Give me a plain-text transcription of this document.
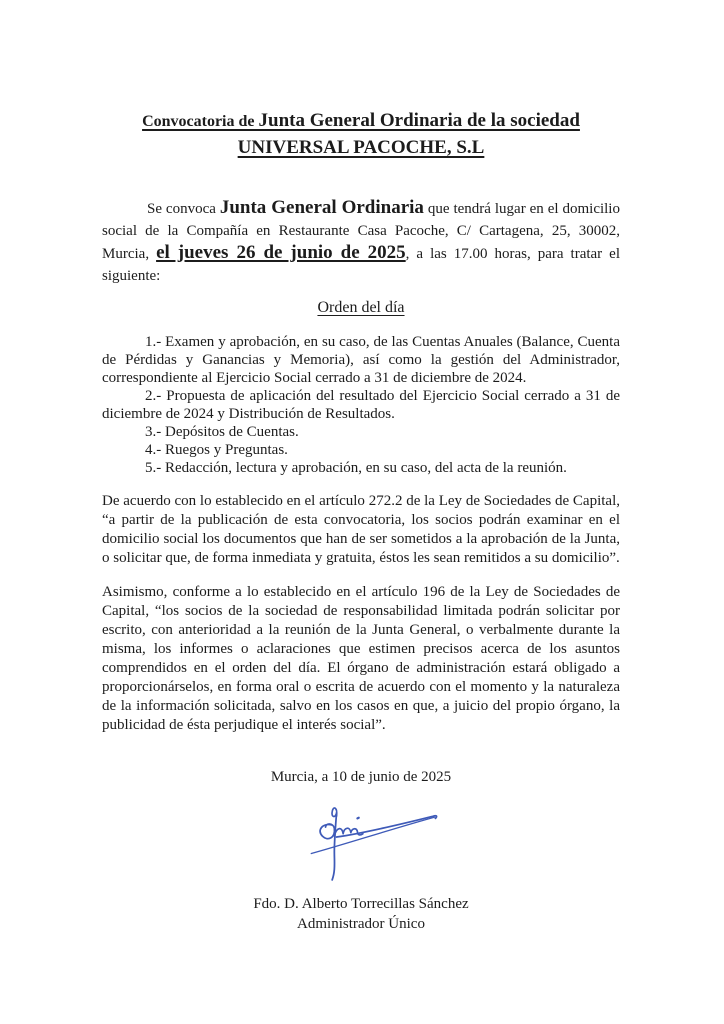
Convocatoria de Junta General Ordinaria de la sociedad
UNIVERSAL PACOCHE, S.L

Se convoca Junta General Ordinaria que tendrá lugar en el domicilio social de la Compañía en Restaurante Casa Pacoche, C/ Cartagena, 25, 30002, Murcia, el jueves 26 de junio de 2025, a las 17.00 horas, para tratar el siguiente:

Orden del día

1.- Examen y aprobación, en su caso, de las Cuentas Anuales (Balance, Cuenta de Pérdidas y Ganancias y Memoria), así como la gestión del Administrador, correspondiente al Ejercicio Social cerrado a 31 de diciembre de 2024.

2.- Propuesta de aplicación del resultado del Ejercicio Social cerrado a 31 de diciembre de 2024 y Distribución de Resultados.

3.- Depósitos de Cuentas.

4.- Ruegos y Preguntas.

5.- Redacción, lectura y aprobación, en su caso, del acta de la reunión.

De acuerdo con lo establecido en el artículo 272.2 de la Ley de Sociedades de Capital, “a partir de la publicación de esta convocatoria, los socios podrán examinar en el domicilio social los documentos que han de ser sometidos a la aprobación de la Junta, o solicitar que, de forma inmediata y gratuita, éstos les sean remitidos a su domicilio”.

Asimismo, conforme a lo establecido en el artículo 196 de la Ley de Sociedades de Capital, “los socios de la sociedad de responsabilidad limitada podrán solicitar por escrito, con anterioridad a la reunión de la Junta General, o verbalmente durante la misma, los informes o aclaraciones que estimen precisos acerca de los asuntos comprendidos en el orden del día. El órgano de administración estará obligado a proporcionárselos, en forma oral o escrita de acuerdo con el momento y la naturaleza de la información solicitada, salvo en los casos en que, a juicio del propio órgano, la publicidad de ésta perjudique el interés social”.

Murcia, a 10 de junio de 2025

Fdo. D. Alberto Torrecillas Sánchez
Administrador Único
